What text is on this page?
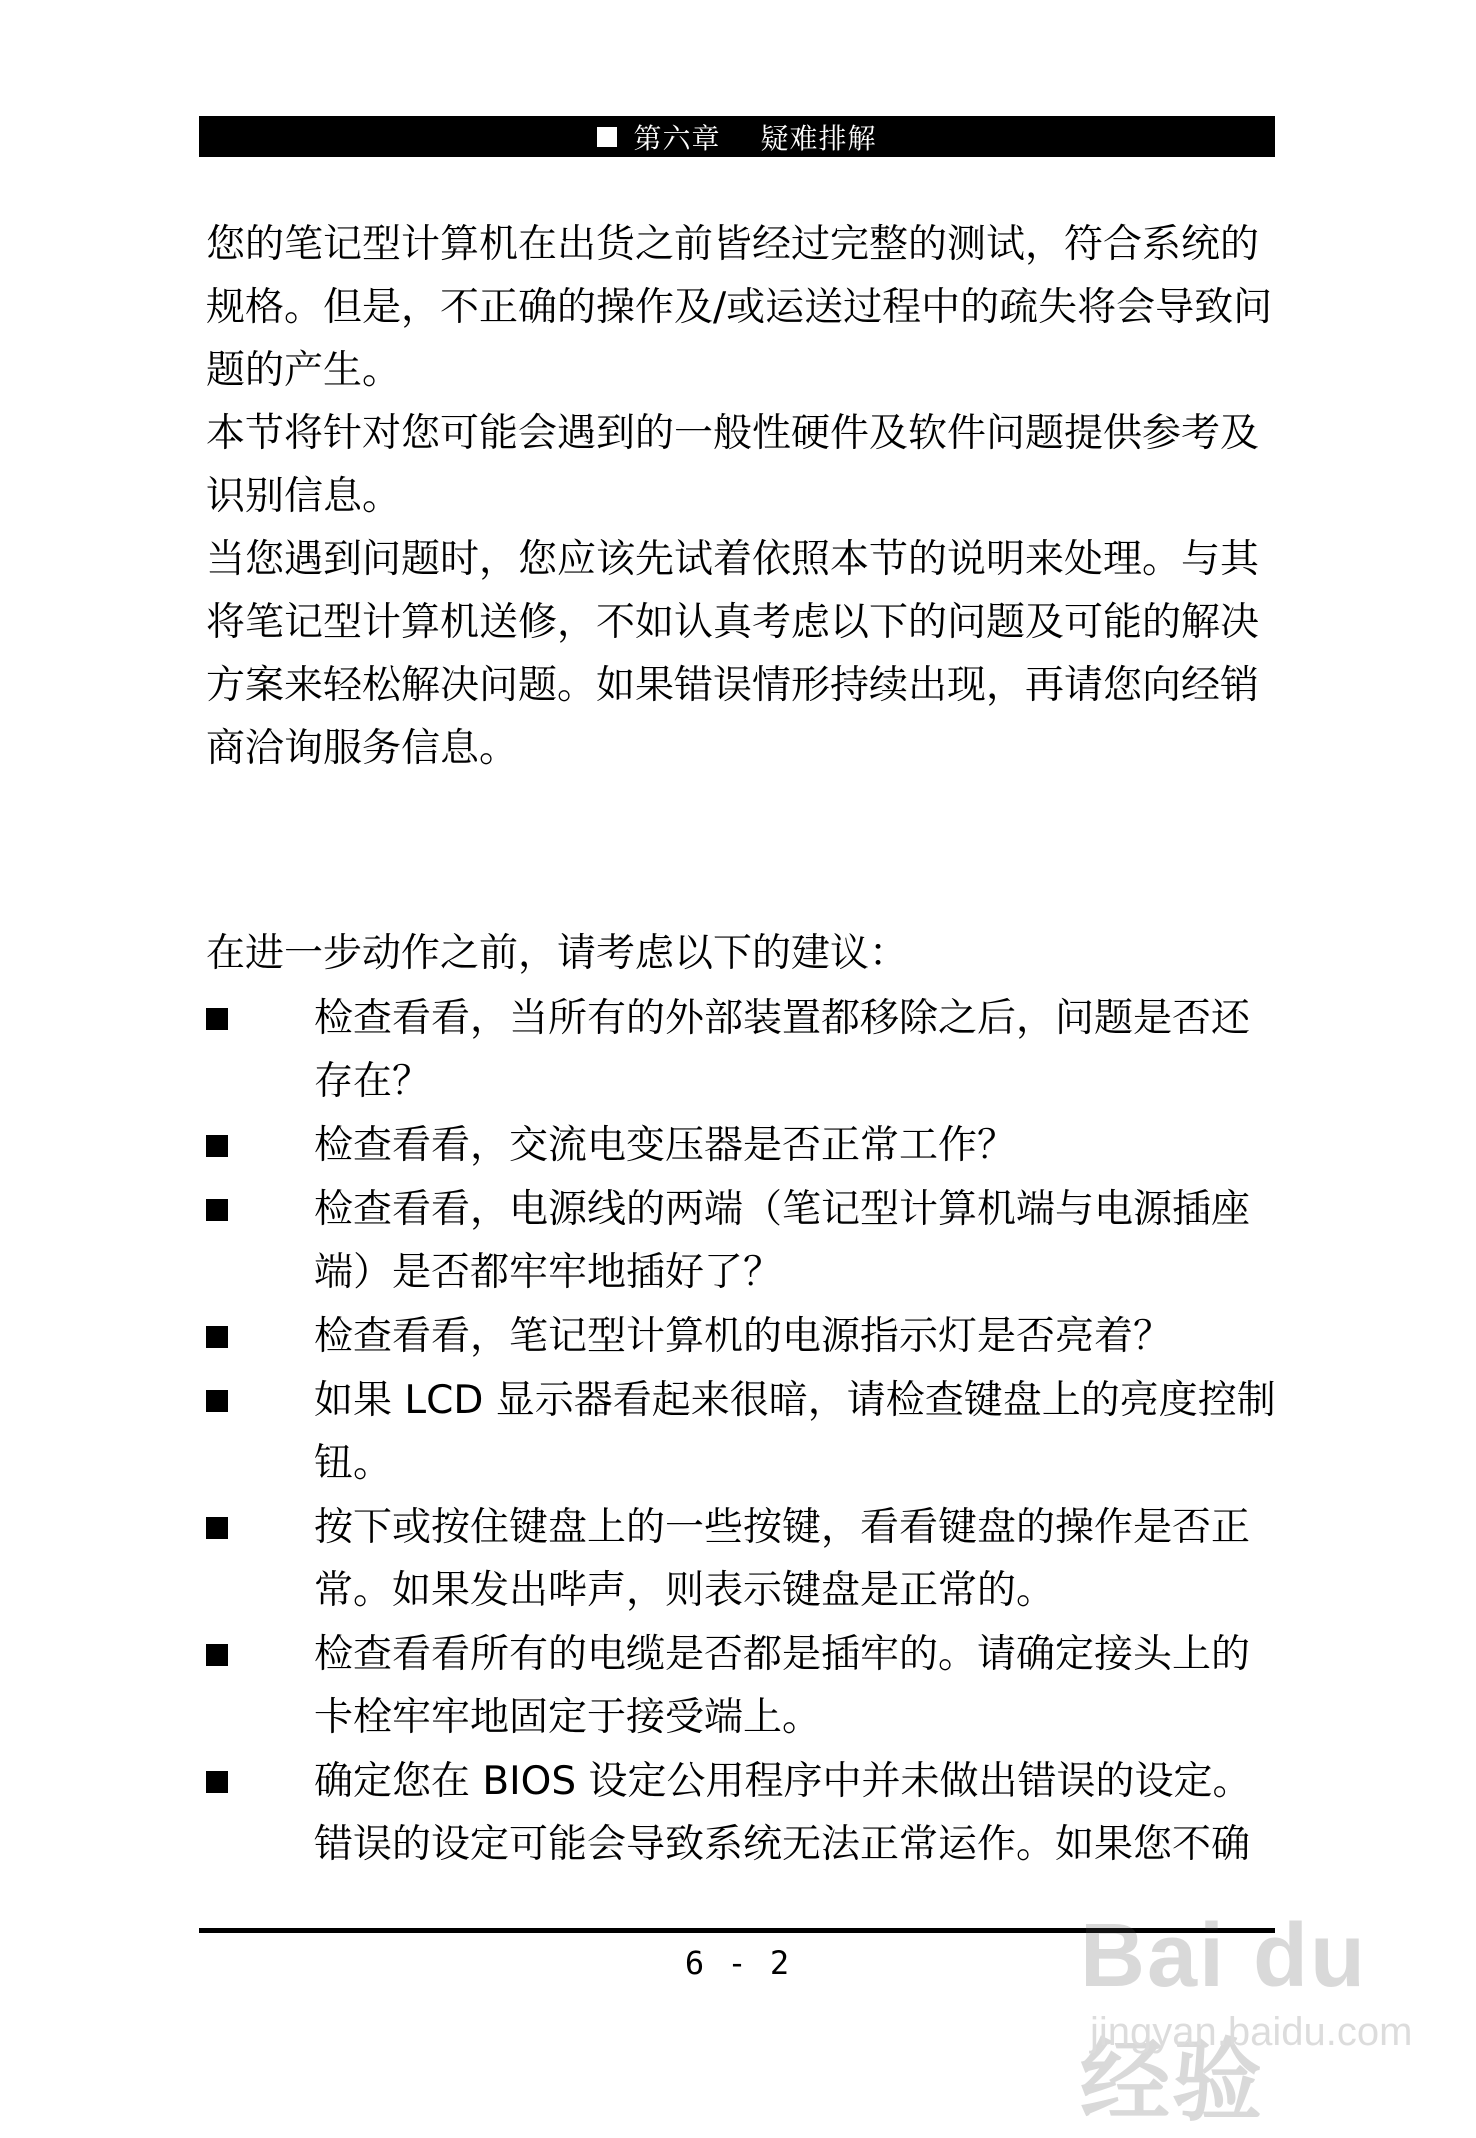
第六章 疑难排解

您的笔记型计算机在出货之前皆经过完整的测试，符合系统的规格。但是，不正确的操作及/或运送过程中的疏失将会导致问题的产生。

本节将针对您可能会遇到的一般性硬件及软件问题提供参考及识别信息。

当您遇到问题时，您应该先试着依照本节的说明来处理。与其将笔记型计算机送修，不如认真考虑以下的问题及可能的解决方案来轻松解决问题。如果错误情形持续出现，再请您向经销商洽询服务信息。

在进一步动作之前，请考虑以下的建议：

检查看看，当所有的外部装置都移除之后，问题是否还存在？
检查看看，交流电变压器是否正常工作？
检查看看，电源线的两端（笔记型计算机端与电源插座端）是否都牢牢地插好了？
检查看看，笔记型计算机的电源指示灯是否亮着？
如果 LCD 显示器看起来很暗，请检查键盘上的亮度控制钮。
按下或按住键盘上的一些按键，看看键盘的操作是否正常。如果发出哔声，则表示键盘是正常的。
检查看看所有的电缆是否都是插牢的。请确定接头上的卡栓牢牢地固定于接受端上。
确定您在 BIOS 设定公用程序中并未做出错误的设定。错误的设定可能会导致系统无法正常运作。如果您不确
6 - 2	Bai du 经验
jingyan.baidu.com
